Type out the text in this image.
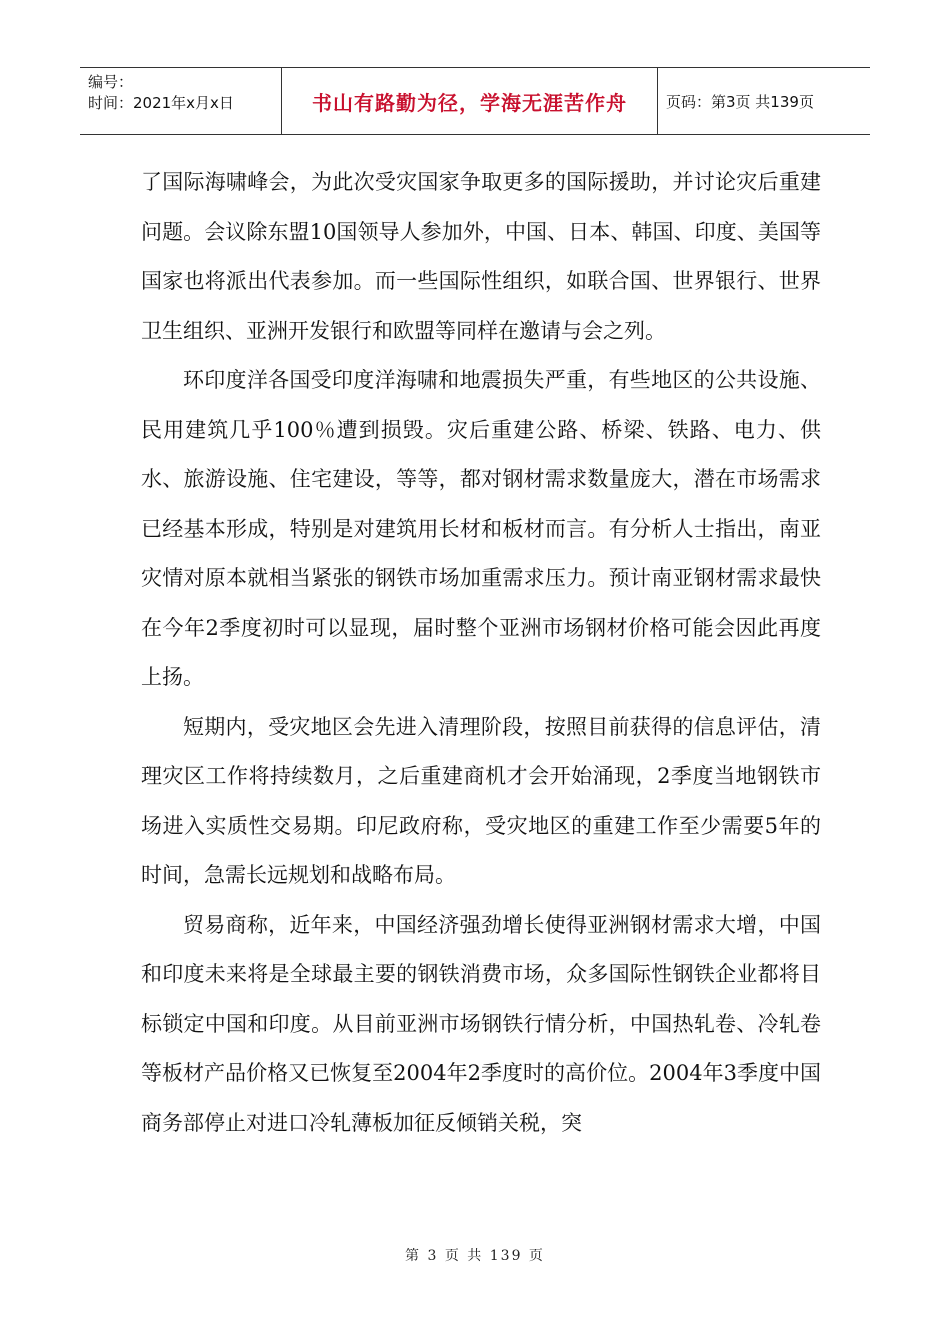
编号：
时间：2021年x月x日	书山有路勤为径，学海无涯苦作舟	页码：第3页 共139页

了国际海啸峰会，为此次受灾国家争取更多的国际援助，并讨论灾后重建问题。会议除东盟10国领导人参加外，中国、日本、韩国、印度、美国等国家也将派出代表参加。而一些国际性组织，如联合国、世界银行、世界卫生组织、亚洲开发银行和欧盟等同样在邀请与会之列。

环印度洋各国受印度洋海啸和地震损失严重，有些地区的公共设施、民用建筑几乎100％遭到损毁。灾后重建公路、桥梁、铁路、电力、供水、旅游设施、住宅建设，等等，都对钢材需求数量庞大，潜在市场需求已经基本形成，特别是对建筑用长材和板材而言。有分析人士指出，南亚灾情对原本就相当紧张的钢铁市场加重需求压力。预计南亚钢材需求最快在今年2季度初时可以显现，届时整个亚洲市场钢材价格可能会因此再度上扬。

短期内，受灾地区会先进入清理阶段，按照目前获得的信息评估，清理灾区工作将持续数月，之后重建商机才会开始涌现，2季度当地钢铁市场进入实质性交易期。印尼政府称，受灾地区的重建工作至少需要5年的时间，急需长远规划和战略布局。

贸易商称，近年来，中国经济强劲增长使得亚洲钢材需求大增，中国和印度未来将是全球最主要的钢铁消费市场，众多国际性钢铁企业都将目标锁定中国和印度。从目前亚洲市场钢铁行情分析，中国热轧卷、冷轧卷等板材产品价格又已恢复至2004年2季度时的高价位。2004年3季度中国商务部停止对进口冷轧薄板加征反倾销关税，突

第 3 页 共 139 页
